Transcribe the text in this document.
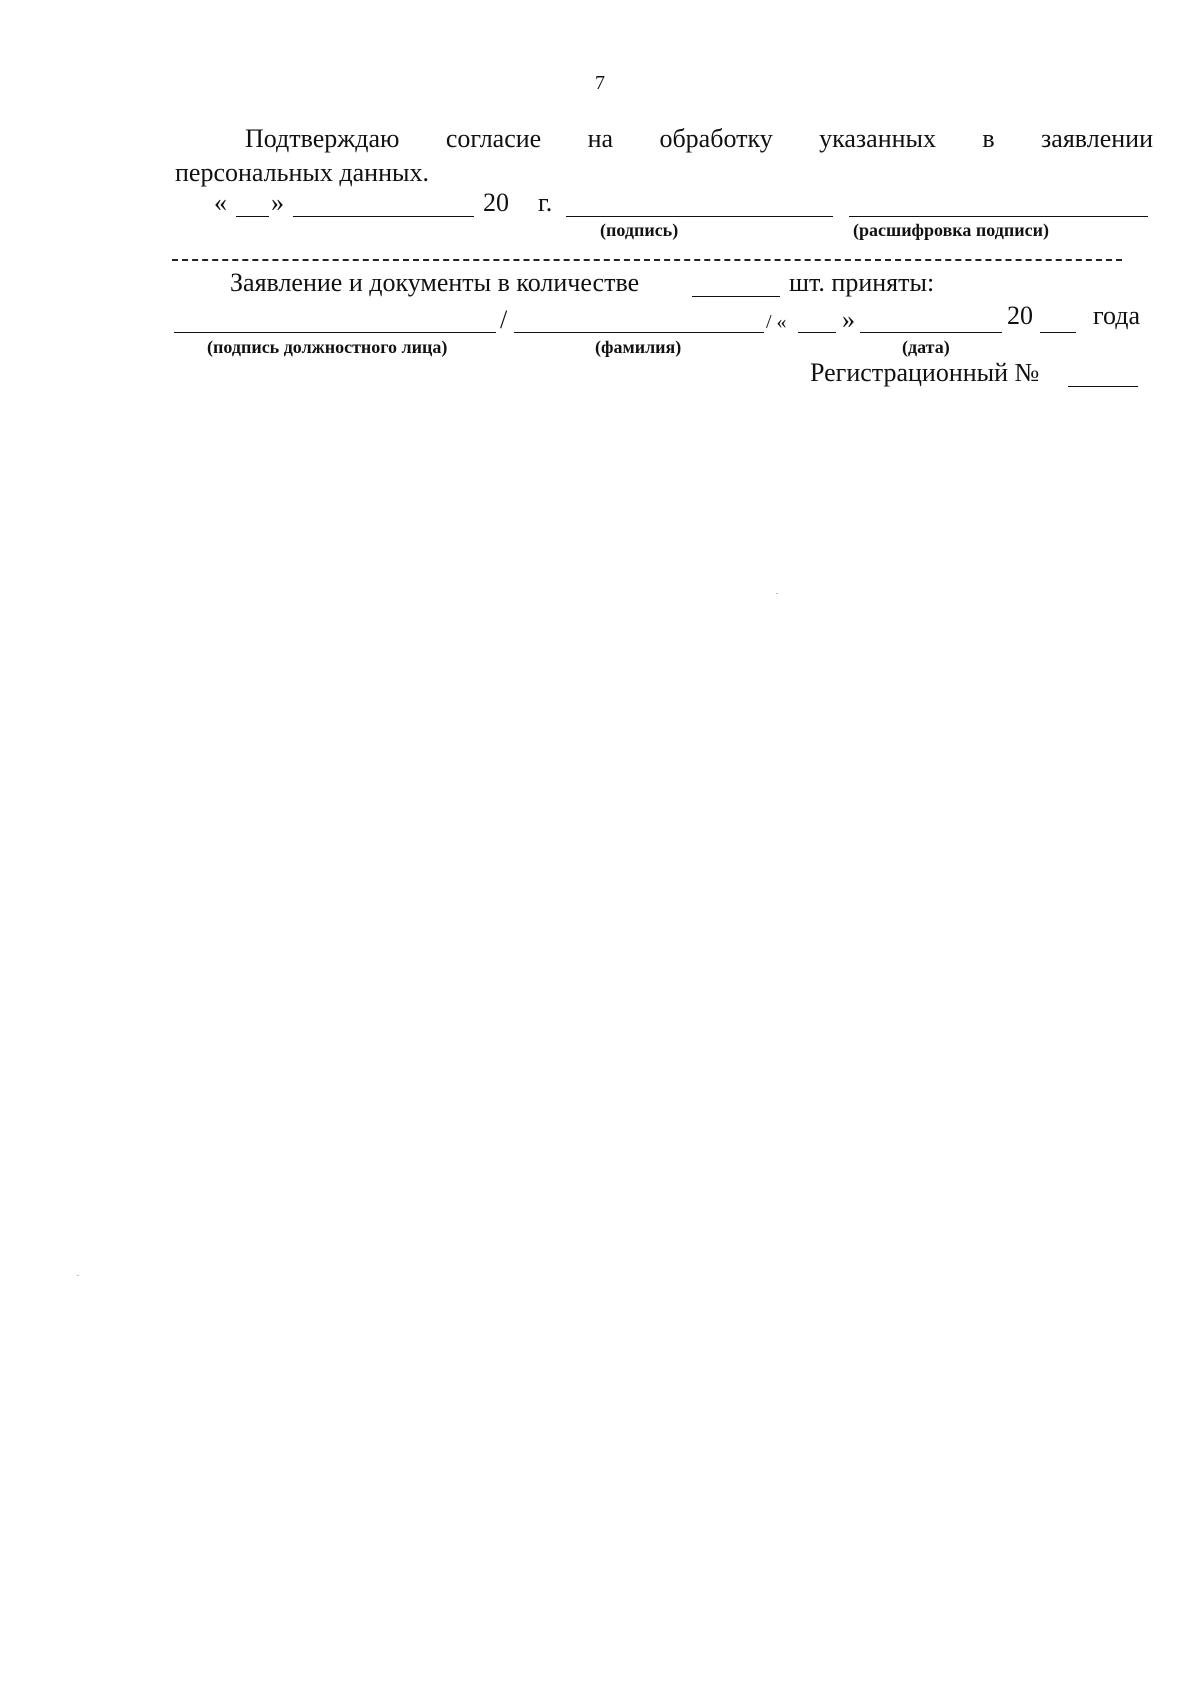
7
Подтверждаю согласие на обработку указанных в заявлении
персональных данных.
« »	20 г.
(подпись)	(расшифровка подписи)
Заявление и документы в количестве	шт. приняты:
/	/ « »	20 года
(подпись должностного лица)	(фамилия)	(дата)
Регистрационный №
